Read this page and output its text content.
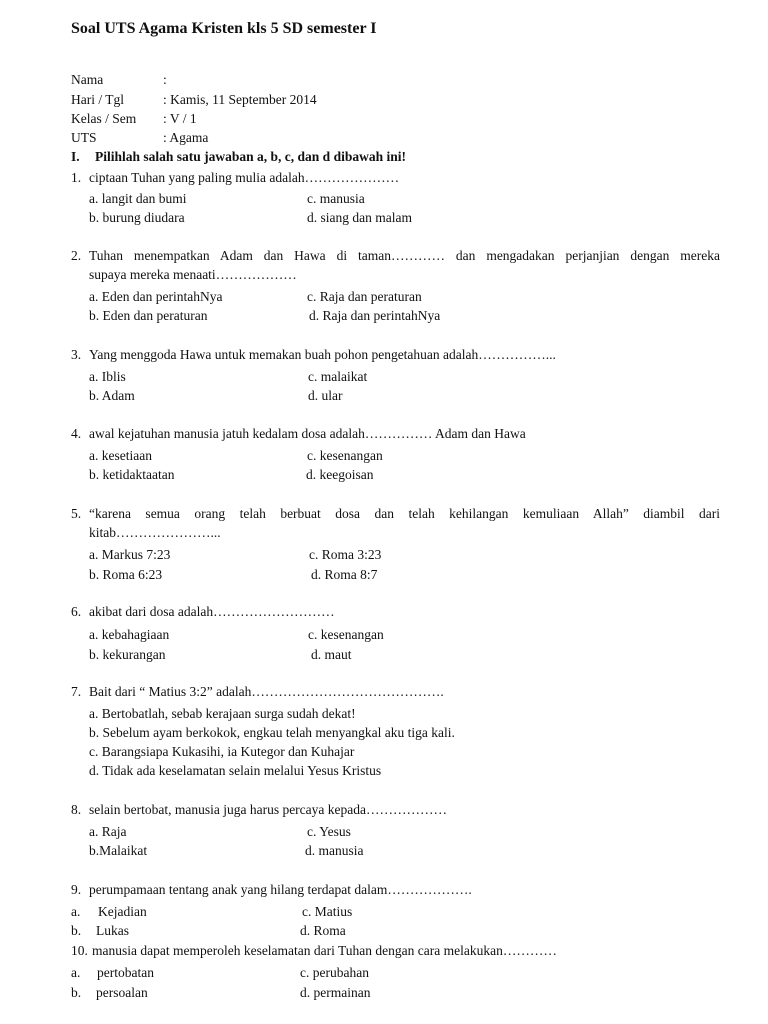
Soal UTS Agama Kristen kls 5 SD semester I
Nama	:
Hari / Tgl	: Kamis, 11 September 2014
Kelas / Sem : V / 1
UTS	: Agama
I. Pilihlah salah satu jawaban a, b, c, dan d dibawah ini!
1. ciptaan Tuhan yang paling mulia adalah…………………
a. langit dan bumi	c. manusia
b. burung diudara	d. siang dan malam
2. Tuhan menempatkan Adam dan Hawa di taman………… dan mengadakan perjanjian dengan mereka
supaya mereka menaati………………
a. Eden dan perintahNya	c. Raja dan peraturan
b. Eden dan peraturan	d. Raja dan perintahNya
3. Yang menggoda Hawa untuk memakan buah pohon pengetahuan adalah……………...
a. Iblis	c. malaikat
b. Adam	d. ular
4. awal kejatuhan manusia jatuh kedalam dosa adalah…………… Adam dan Hawa
a. kesetiaan	c. kesenangan
b. ketidaktaatan	d. keegoisan
5. “karena semua orang telah berbuat dosa dan telah kehilangan kemuliaan Allah” diambil dari
kitab…………………...
a. Markus 7:23	c. Roma 3:23
b. Roma 6:23	d. Roma 8:7
6. akibat dari dosa adalah………………………
a. kebahagiaan	c. kesenangan
b. kekurangan	d. maut
7. Bait dari “ Matius 3:2” adalah…………………………………….
a. Bertobatlah, sebab kerajaan surga sudah dekat!
b. Sebelum ayam berkokok, engkau telah menyangkal aku tiga kali.
c. Barangsiapa Kukasihi, ia Kutegor dan Kuhajar
d. Tidak ada keselamatan selain melalui Yesus Kristus
8. selain bertobat, manusia juga harus percaya kepada………………
a. Raja	c. Yesus
b.Malaikat	d. manusia
9. perumpamaan tentang anak yang hilang terdapat dalam……………….
a. Kejadian	c. Matius
b. Lukas	d. Roma
10. manusia dapat memperoleh keselamatan dari Tuhan dengan cara melakukan…………
a. pertobatan	c. perubahan
b. persoalan	d. permainan
